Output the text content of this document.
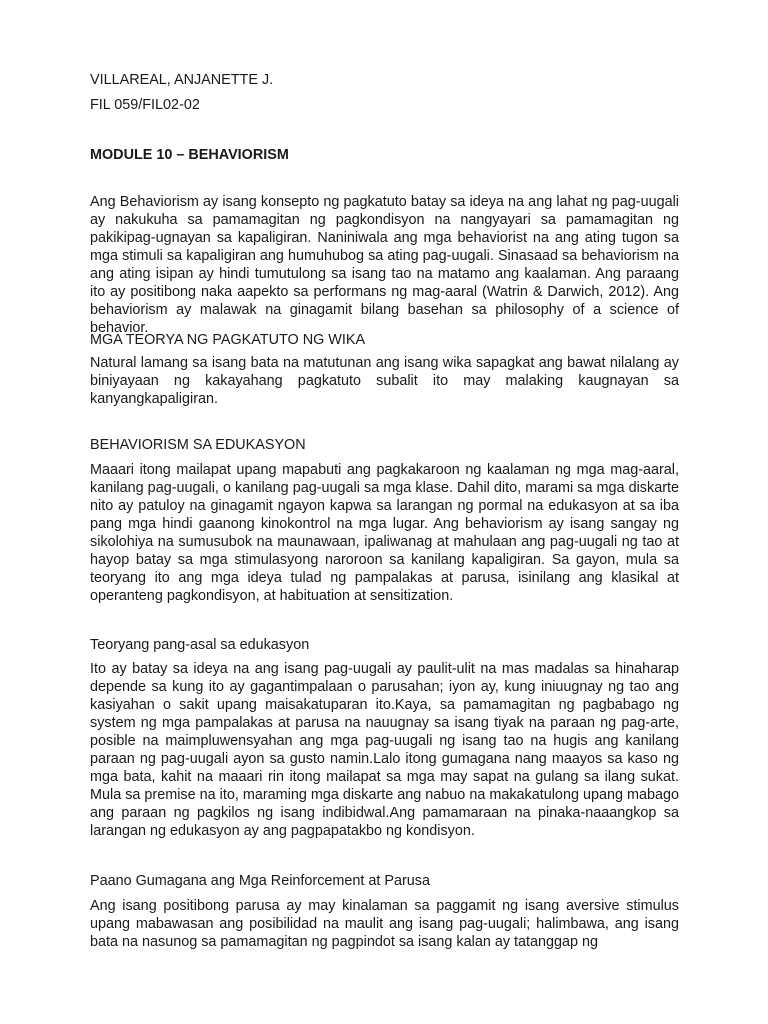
VILLAREAL, ANJANETTE J.

FIL 059/FIL02-02

MODULE 10 – BEHAVIORISM

Ang Behaviorism ay isang konsepto ng pagkatuto batay sa ideya na ang lahat ng pag-uugali ay nakukuha sa pamamagitan ng pagkondisyon na nangyayari sa pamamagitan ng pakikipag-ugnayan sa kapaligiran. Naniniwala ang mga behaviorist na ang ating tugon sa mga stimuli sa kapaligiran ang humuhubog sa ating pag-uugali. Sinasaad sa behaviorism na ang ating isipan ay hindi tumutulong sa isang tao na matamo ang kaalaman. Ang paraang ito ay positibong naka aapekto sa performans ng mag-aaral (Watrin & Darwich, 2012). Ang behaviorism ay malawak na ginagamit bilang basehan sa philosophy of a science of behavior.

MGA TEORYA NG PAGKATUTO NG WIKA

Natural lamang sa isang bata na matutunan ang isang wika sapagkat ang bawat nilalang ay biniyayaan ng kakayahang pagkatuto subalit ito may malaking kaugnayan sa kanyangkapaligiran.

BEHAVIORISM SA EDUKASYON

Maaari itong mailapat upang mapabuti ang pagkakaroon ng kaalaman ng mga mag-aaral, kanilang pag-uugali, o kanilang pag-uugali sa mga klase. Dahil dito, marami sa mga diskarte nito ay patuloy na ginagamit ngayon kapwa sa larangan ng pormal na edukasyon at sa iba pang mga hindi gaanong kinokontrol na mga lugar. Ang behaviorism ay isang sangay ng sikolohiya na sumusubok na maunawaan, ipaliwanag at mahulaan ang pag-uugali ng tao at hayop batay sa mga stimulasyong naroroon sa kanilang kapaligiran. Sa gayon, mula sa teoryang ito ang mga ideya tulad ng pampalakas at parusa, isinilang ang klasikal at operanteng pagkondisyon, at habituation at sensitization.

Teoryang pang-asal sa edukasyon

Ito ay batay sa ideya na ang isang pag-uugali ay paulit-ulit na mas madalas sa hinaharap depende sa kung ito ay gagantimpalaan o parusahan; iyon ay, kung iniuugnay ng tao ang kasiyahan o sakit upang maisakatuparan ito.Kaya, sa pamamagitan ng pagbabago ng system ng mga pampalakas at parusa na nauugnay sa isang tiyak na paraan ng pag-arte, posible na maimpluwensyahan ang mga pag-uugali ng isang tao na hugis ang kanilang paraan ng pag-uugali ayon sa gusto namin.Lalo itong gumagana nang maayos sa kaso ng mga bata, kahit na maaari rin itong mailapat sa mga may sapat na gulang sa ilang sukat. Mula sa premise na ito, maraming mga diskarte ang nabuo na makakatulong upang mabago ang paraan ng pagkilos ng isang indibidwal.Ang pamamaraan na pinaka-naaangkop sa larangan ng edukasyon ay ang pagpapatakbo ng kondisyon.

Paano Gumagana ang Mga Reinforcement at Parusa

Ang isang positibong parusa ay may kinalaman sa paggamit ng isang aversive stimulus upang mabawasan ang posibilidad na maulit ang isang pag-uugali; halimbawa, ang isang bata na nasunog sa pamamagitan ng pagpindot sa isang kalan ay tatanggap ng
